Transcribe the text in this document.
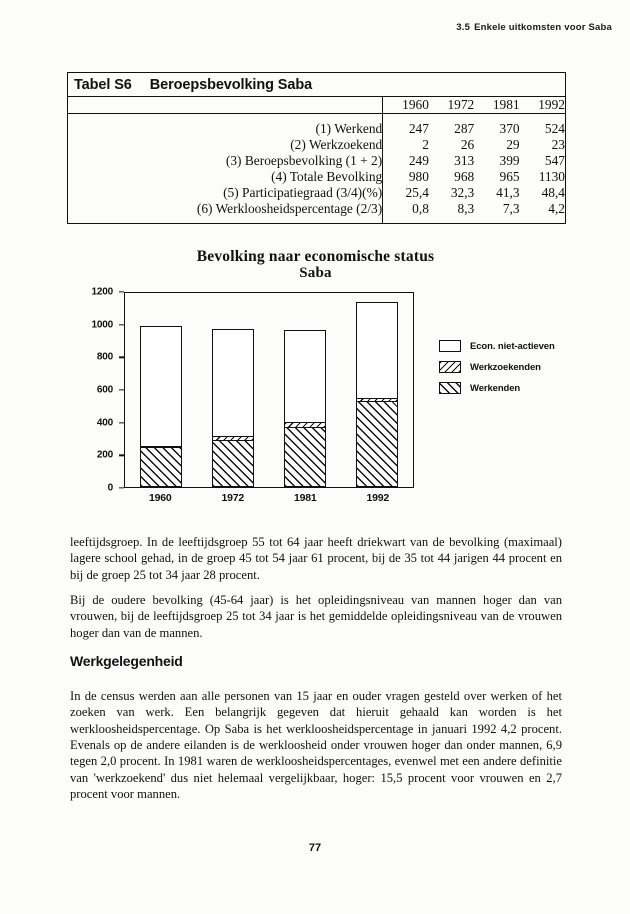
3.5 Enkele uitkomsten voor Saba
Tabel S6 Beroepsbevolking Saba
	1960	1972	1981	1992

(1) Werkend	247	287	370	524
(2) Werkzoekend	2	26	29	23
(3) Beroepsbevolking (1 + 2)	249	313	399	547
(4) Totale Bevolking	980	968	965	1130
(5) Participatiegraad (3/4)(%)	25,4	32,3	41,3	48,4
(6) Werkloosheidspercentage (2/3)	0,8	8,3	7,3	4,2

Bevolking naar economische status
Saba
0
200
400
600
800
1000
1200
1960	1972	1981	1992
Econ. niet-actieven
Werkzoekenden
Werkenden

leeftijdsgroep. In de leeftijdsgroep 55 tot 64 jaar heeft driekwart van de bevolking (maximaal) lagere school gehad, in de groep 45 tot 54 jaar 61 procent, bij de 35 tot 44 jarigen 44 procent en bij de groep 25 tot 34 jaar 28 procent.

Bij de oudere bevolking (45-64 jaar) is het opleidingsniveau van mannen hoger dan van vrouwen, bij de leeftijdsgroep 25 tot 34 jaar is het gemiddelde opleidingsniveau van de vrouwen hoger dan van de mannen.

Werkgelegenheid

In de census werden aan alle personen van 15 jaar en ouder vragen gesteld over werken of het zoeken van werk. Een belangrijk gegeven dat hieruit gehaald kan worden is het werkloosheidspercentage. Op Saba is het werkloosheidspercentage in januari 1992 4,2 procent. Evenals op de andere eilanden is de werkloosheid onder vrouwen hoger dan onder mannen, 6,9 tegen 2,0 procent. In 1981 waren de werkloosheidspercentages, evenwel met een andere definitie van 'werkzoekend' dus niet helemaal vergelijkbaar, hoger: 15,5 procent voor vrouwen en 2,7 procent voor mannen.

77
